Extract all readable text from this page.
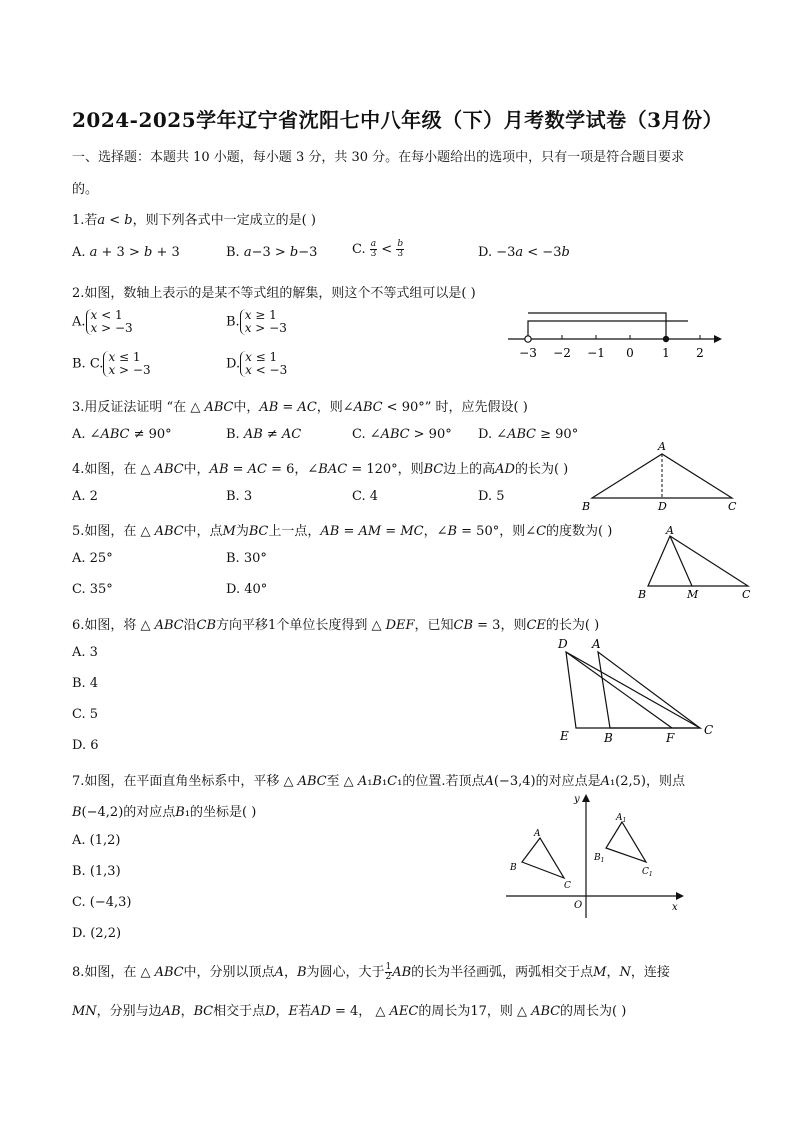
2024-2025学年辽宁省沈阳七中八年级（下）月考数学试卷（3月份）
一、选择题：本题共 10 小题，每小题 3 分，共 30 分。在每小题给出的选项中，只有一项是符合题目要求
的。
1.若𝑎 < 𝑏，则下列各式中一定成立的是( )
A. 𝑎 + 3 > 𝑏 + 3	B. 𝑎−3 > 𝑏−3	C. $\frac{\text{𝑎}}{3} < \frac{\text{𝑏}}{3}$	D. −3𝑎 < −3𝑏
2.如图，数轴上表示的是某不等式组的解集，则这个不等式组可以是( )
A. 𝑥 < 1
𝑥 > −3	B. 𝑥 ≥ 1
𝑥 > −3
B. C. 𝑥 ≤ 1
𝑥 > −3	D. 𝑥 ≤ 1
𝑥 < −3
−3 −2 −1 0 1 2
3.用反证法证明 “在 △ 𝐴𝐵𝐶中，𝐴𝐵 = 𝐴𝐶，则∠𝐴𝐵𝐶 < 90°” 时，应先假设( )
A. ∠𝐴𝐵𝐶 ≠ 90°	B. 𝐴𝐵 ≠ 𝐴𝐶	C. ∠𝐴𝐵𝐶 > 90° D. ∠𝐴𝐵𝐶 ≥ 90°
4.如图，在 △ 𝐴𝐵𝐶中，𝐴𝐵 = 𝐴𝐶 = 6，∠𝐵𝐴𝐶 = 120°，则𝐵𝐶边上的高𝐴𝐷的长为( )
A. 2	B. 3	C. 4	D. 5
A
B	D	C
5.如图，在 △ 𝐴𝐵𝐶中，点𝑀为𝐵𝐶上一点，𝐴𝐵 = 𝐴𝑀 = 𝑀𝐶，∠𝐵 = 50°，则∠𝐶的度数为( )
A. 25°	B. 30°
C. 35°	D. 40°
A
B	M	C
6.如图，将 △ 𝐴𝐵𝐶沿𝐶𝐵方向平移1个单位长度得到 △ 𝐷𝐸𝐹，已知𝐶𝐵 = 3，则𝐶𝐸的长为( )
A. 3
B. 4
C. 5
D. 6
D A
E	B	F
C
7.如图，在平面直角坐标系中，平移 △ 𝐴𝐵𝐶至 △ 𝐴₁𝐵₁𝐶₁的位置.若顶点𝐴(−3,4)的对应点是𝐴₁(2,5)，则点
𝐵(−4,2)的对应点𝐵₁的坐标是( )
A. (1,2)
B. (1,3)
C. (−4,3)
D. (2,2)
y
x
O
A
B
C
$A_1$
$B_1$
$C_1$
8.如图，在 △ 𝐴𝐵𝐶中，分别以顶点𝐴，𝐵为圆心，大于 $\frac{1}{2}$ 𝐴𝐵的长为半径画弧，两弧相交于点𝑀，𝑁，连接
𝑀𝑁，分别与边𝐴𝐵，𝐵𝐶相交于点𝐷，𝐸若𝐴𝐷 = 4， △ 𝐴𝐸𝐶的周长为17，则 △ 𝐴𝐵𝐶的周长为( )
